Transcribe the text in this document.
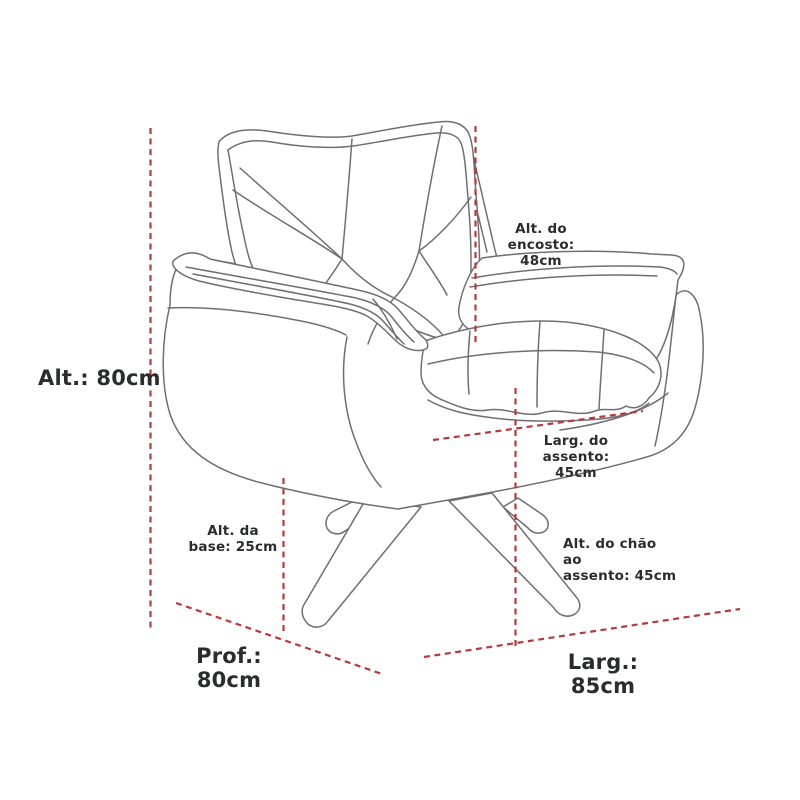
Alt.: 80cm
Prof.: 80cm
Larg.: 85cm
Alt. do encosto:
48cm
Larg. do assento:
45cm
Alt. da
base: 25cm	Alt. do chão ao
assento: 45cm
